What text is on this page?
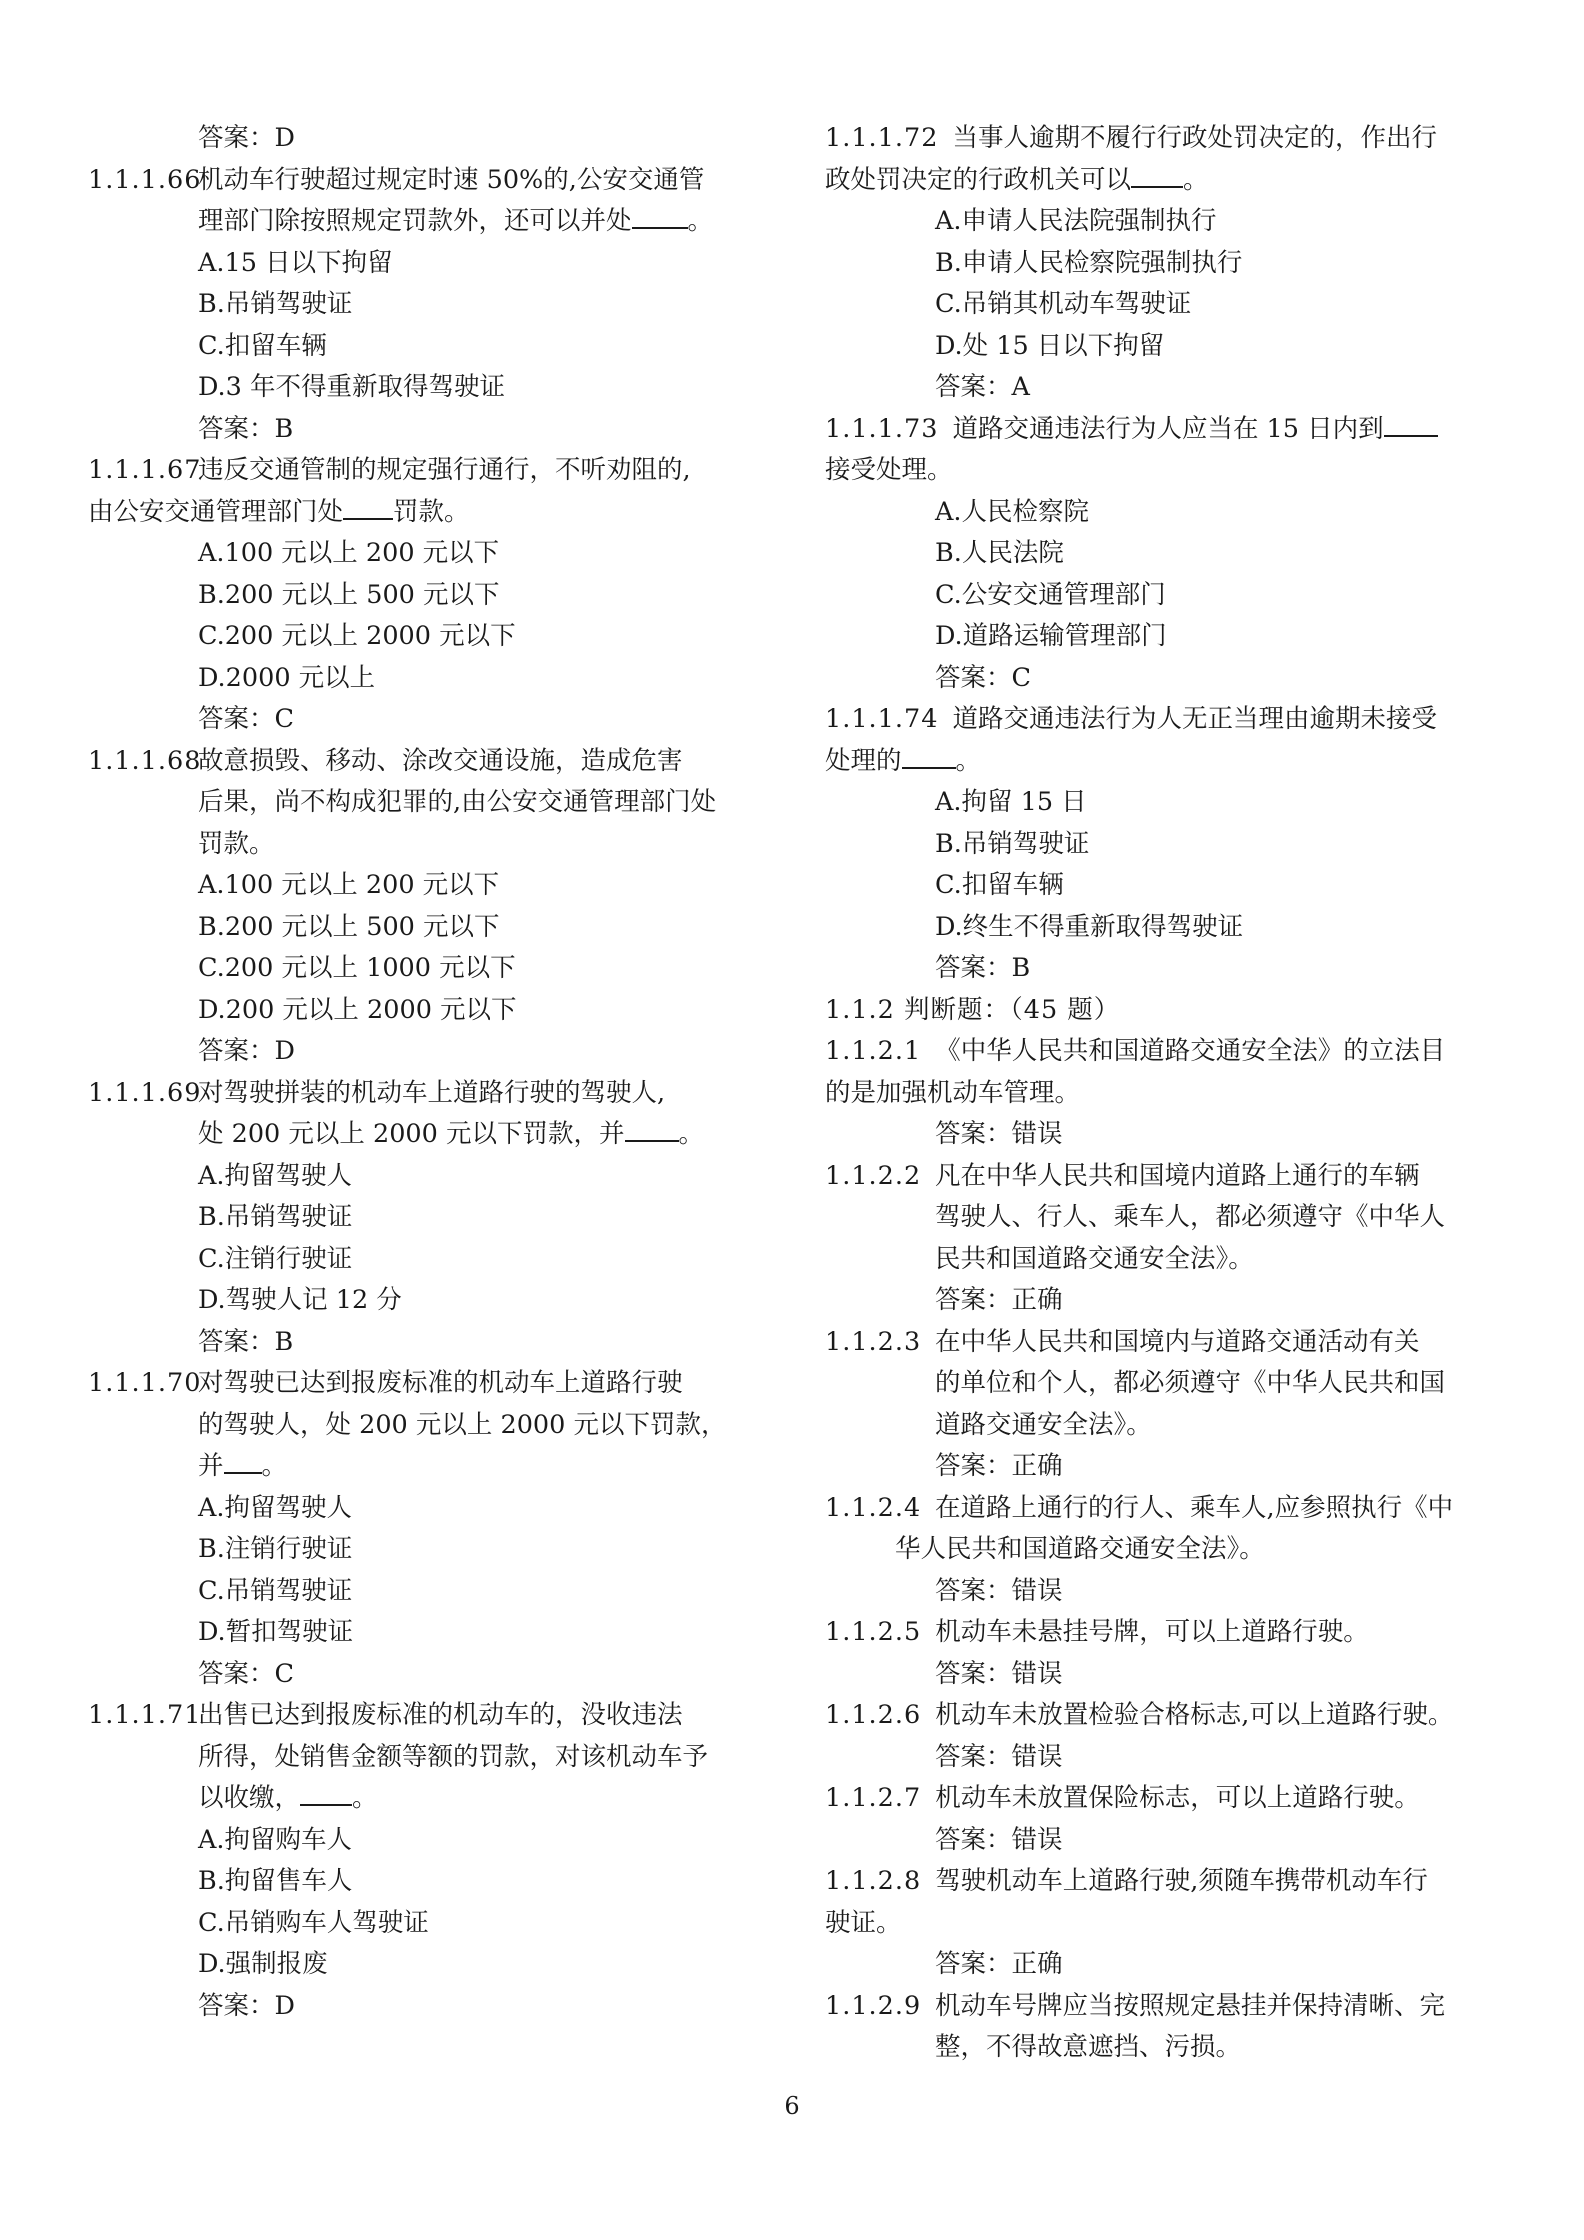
答案：D
1.1.1.66
机动车行驶超过规定时速 50%的,公安交通管
理部门除按照规定罚款外，还可以并处 。
A.15 日以下拘留
B.吊销驾驶证
C.扣留车辆
D.3 年不得重新取得驾驶证
答案：B
1.1.1.67
违反交通管制的规定强行通行，不听劝阻的,
由公安交通管理部门处 罚款。
A.100 元以上 200 元以下
B.200 元以上 500 元以下
C.200 元以上 2000 元以下
D.2000 元以上
答案：C
1.1.1.68
故意损毁、移动、涂改交通设施，造成危害
后果，尚不构成犯罪的,由公安交通管理部门处
罚款。
A.100 元以上 200 元以下
B.200 元以上 500 元以下
C.200 元以上 1000 元以下
D.200 元以上 2000 元以下
答案：D
1.1.1.69
对驾驶拼装的机动车上道路行驶的驾驶人,
处 200 元以上 2000 元以下罚款，并 。
A.拘留驾驶人
B.吊销驾驶证
C.注销行驶证
D.驾驶人记 12 分
答案：B
1.1.1.70
对驾驶已达到报废标准的机动车上道路行驶
的驾驶人，处 200 元以上 2000 元以下罚款，
并 。
A.拘留驾驶人
B.注销行驶证
C.吊销驾驶证
D.暂扣驾驶证
答案：C
1.1.1.71
出售已达到报废标准的机动车的，没收违法
所得，处销售金额等额的罚款，对该机动车予
以收缴， 。
A.拘留购车人
B.拘留售车人
C.吊销购车人驾驶证
D.强制报废
答案：D
1.1.1.72 当事人逾期不履行行政处罚决定的，作出行
政处罚决定的行政机关可以 。
A.申请人民法院强制执行
B.申请人民检察院强制执行
C.吊销其机动车驾驶证
D.处 15 日以下拘留
答案：A
1.1.1.73 道路交通违法行为人应当在 15 日内到
接受处理。
A.人民检察院
B.人民法院
C.公安交通管理部门
D.道路运输管理部门
答案：C
1.1.1.74 道路交通违法行为人无正当理由逾期未接受
处理的 。
A.拘留 15 日
B.吊销驾驶证
C.扣留车辆
D.终生不得重新取得驾驶证
答案：B
1.1.2 判断题：（45 题）
1.1.2.1 《中华人民共和国道路交通安全法》的立法目
的是加强机动车管理。
答案：错误
1.1.2.2 凡在中华人民共和国境内道路上通行的车辆
驾驶人、行人、乘车人，都必须遵守《中华人
民共和国道路交通安全法》。
答案：正确
1.1.2.3 在中华人民共和国境内与道路交通活动有关
的单位和个人，都必须遵守《中华人民共和国
道路交通安全法》。
答案：正确
1.1.2.4 在道路上通行的行人、乘车人,应参照执行《中
华人民共和国道路交通安全法》。
答案：错误
1.1.2.5 机动车未悬挂号牌，可以上道路行驶。
答案：错误
1.1.2.6 机动车未放置检验合格标志,可以上道路行驶。
答案：错误
1.1.2.7 机动车未放置保险标志，可以上道路行驶。
答案：错误
1.1.2.8 驾驶机动车上道路行驶,须随车携带机动车行
驶证。
答案：正确
1.1.2.9 机动车号牌应当按照规定悬挂并保持清晰、完
整，不得故意遮挡、污损。
6
